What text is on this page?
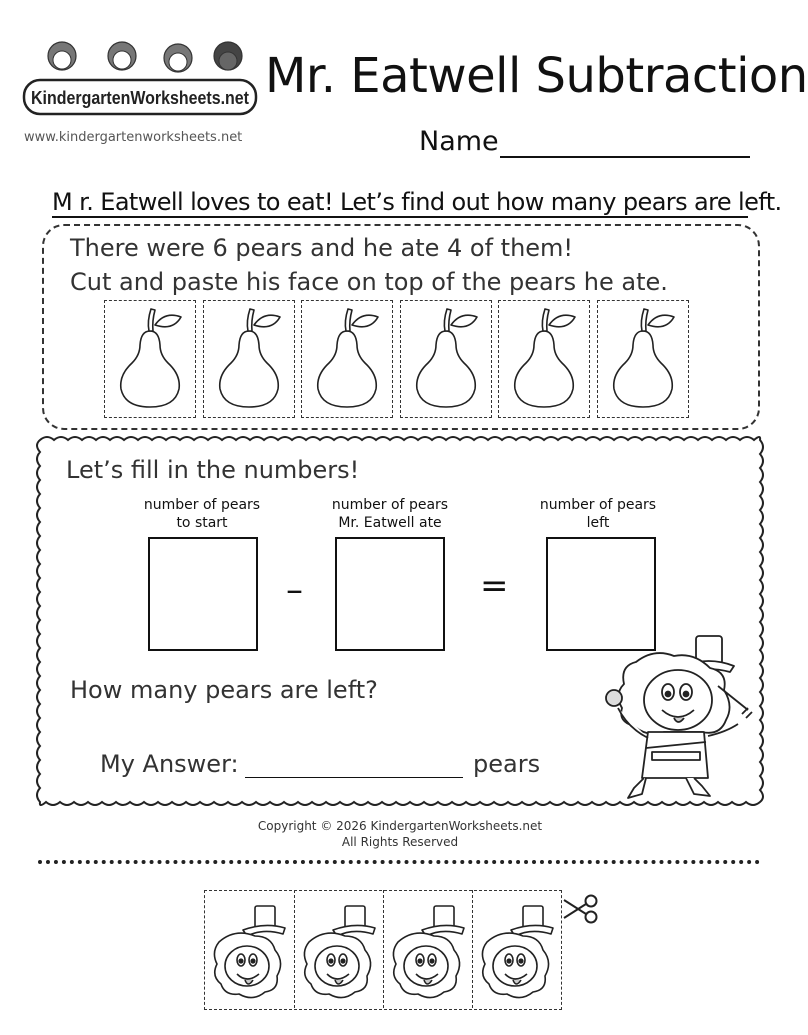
KindergartenWorksheets.net Mr. Eatwell Subtraction
www.kindergartenworksheets.net	Name
M r. Eatwell loves to eat! Let’s find out how many pears are left.
There were 6 pears and he ate 4 of them!
Cut and paste his face on top of the pears he ate.
Let’s fill in the numbers!
number of pears
to start
number of pears
Mr. Eatwell ate
number of pears
left
–	=
How many pears are left?
My Answer:	pears
Copyright © 2026 KindergartenWorksheets.net
All Rights Reserved
